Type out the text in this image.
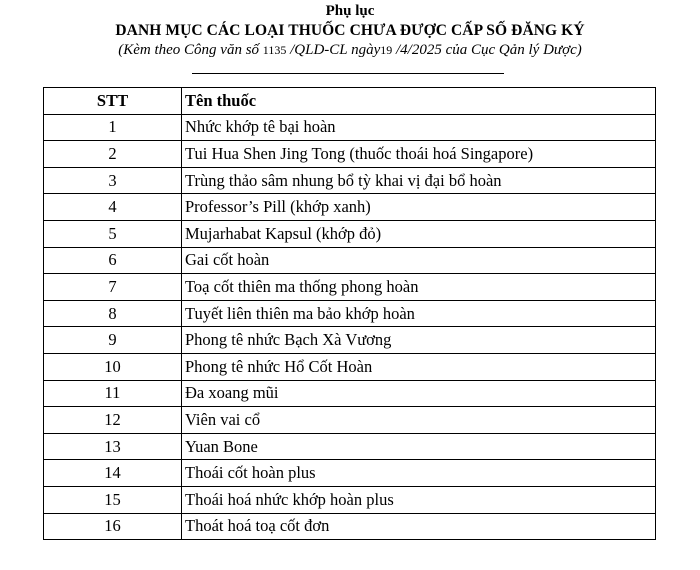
Phụ lục
DANH MỤC CÁC LOẠI THUỐC CHƯA ĐƯỢC CẤP SỐ ĐĂNG KÝ
(Kèm theo Công văn số 1135 /QLD-CL ngày19 /4/2025 của Cục Qản lý Dược)
STT	Tên thuốc
1	Nhức khớp tê bại hoàn
2	Tui Hua Shen Jing Tong (thuốc thoái hoá Singapore)
3	Trùng thảo sâm nhung bổ tỳ khai vị đại bổ hoàn
4	Professor’s Pill (khớp xanh)
5	Mujarhabat Kapsul (khớp đỏ)
6	Gai cốt hoàn
7	Toạ cốt thiên ma thống phong hoàn
8	Tuyết liên thiên ma bảo khớp hoàn
9	Phong tê nhức Bạch Xà Vương
10	Phong tê nhức Hổ Cốt Hoàn
11	Đa xoang mũi
12	Viên vai cổ
13	Yuan Bone
14	Thoái cốt hoàn plus
15	Thoái hoá nhức khớp hoàn plus
16	Thoát hoá toạ cốt đơn
